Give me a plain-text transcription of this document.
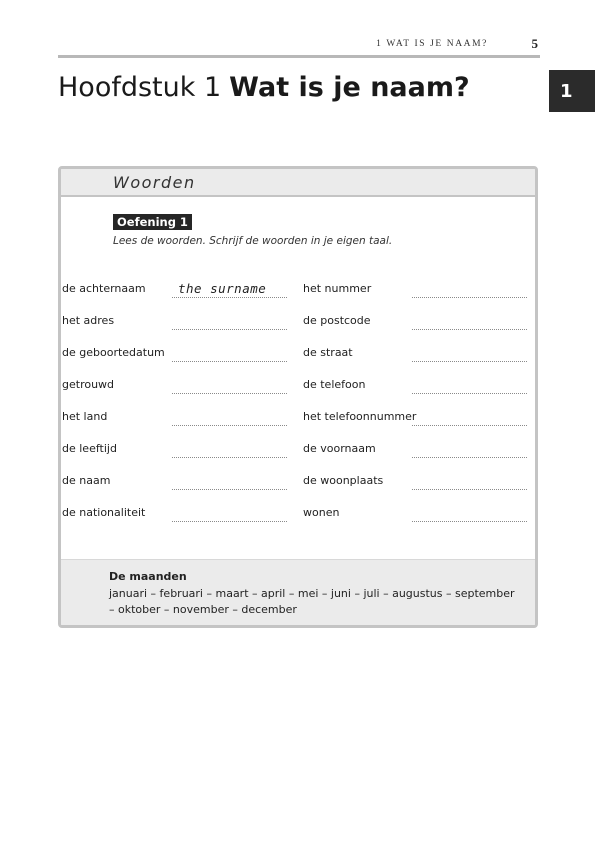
1 WAT IS JE NAAM?	5
1
Hoofdstuk 1 Wat is je naam?
Woorden
Oefening 1
Lees de woorden. Schrijf de woorden in je eigen taal.
de achternaam	the surname
het adres
de geboortedatum
getrouwd
het land
de leeftijd
de naam
de nationaliteit
het nummer
de postcode
de straat
de telefoon
het telefoonnummer
de voornaam
de woonplaats
wonen
De maanden
januari – februari – maart – april – mei – juni – juli – augustus – september – oktober – november – december
